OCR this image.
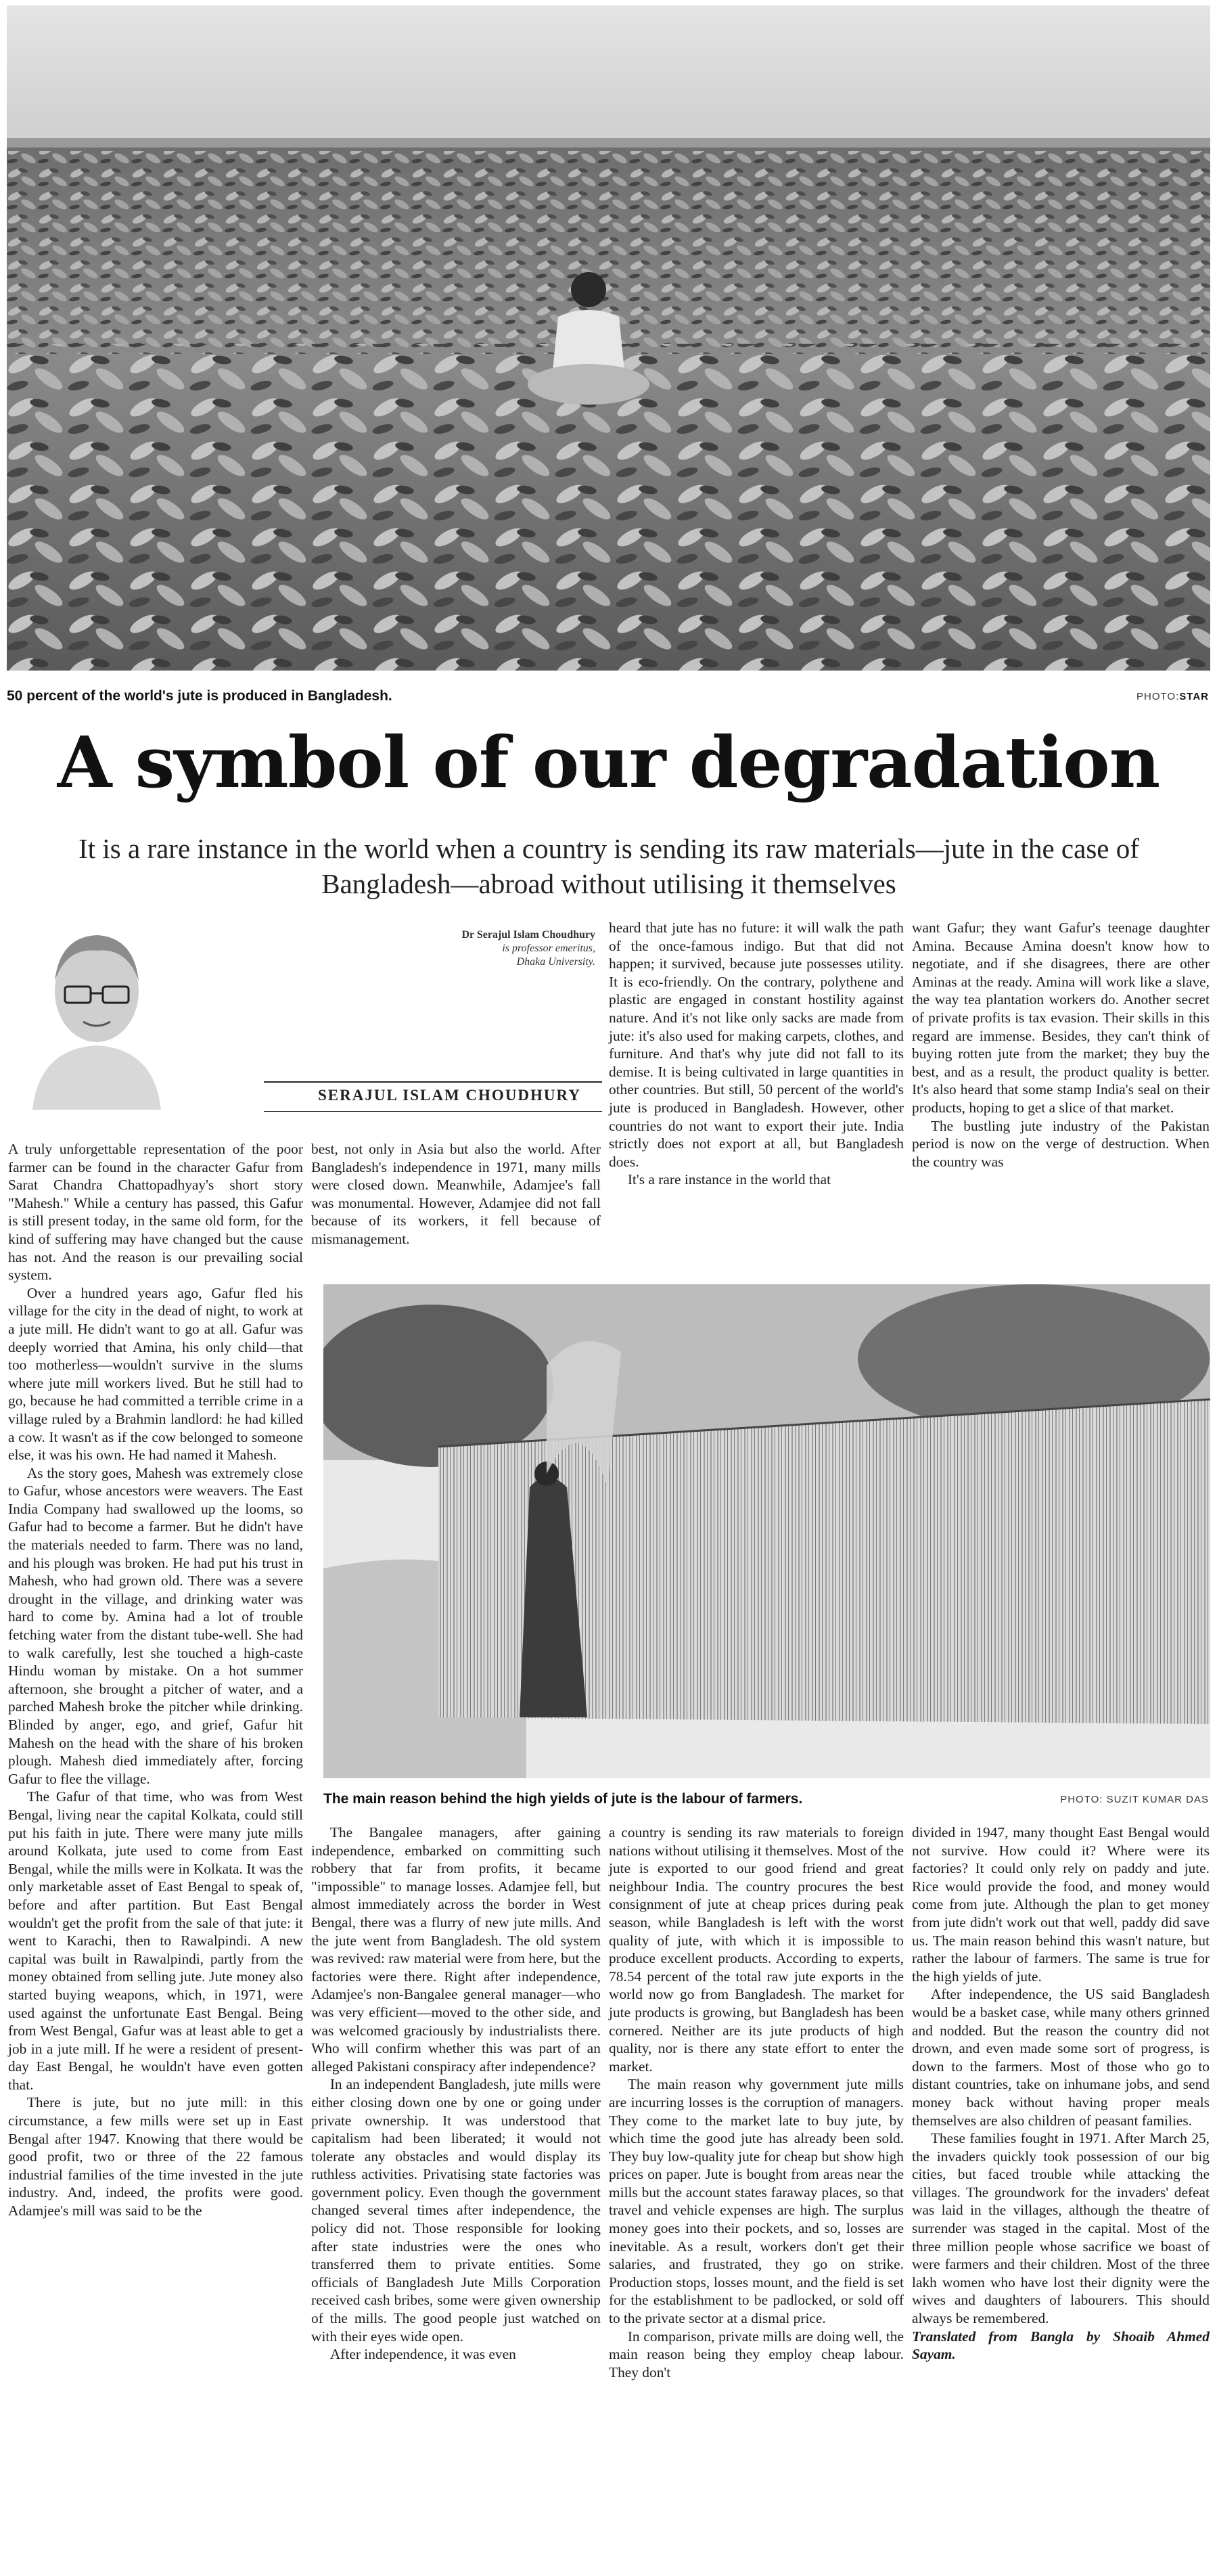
50 percent of the world's jute is produced in Bangladesh.	PHOTO:STAR
A symbol of our degradation

It is a rare instance in the world when a country is sending its raw materials—jute in the case of Bangladesh—abroad without utilising it themselves

Dr Serajul Islam Choudhury
is professor emeritus,
Dhaka University.
SERAJUL ISLAM CHOUDHURY

A truly unforgettable representation of the poor farmer can be found in the character Gafur from Sarat Chandra Chattopadhyay's short story "Mahesh." While a century has passed, this Gafur is still present today, in the same old form, for the kind of suffering may have changed but the cause has not. And the reason is our prevailing social system.

Over a hundred years ago, Gafur fled his village for the city in the dead of night, to work at a jute mill. He didn't want to go at all. Gafur was deeply worried that Amina, his only child—that too motherless—wouldn't survive in the slums where jute mill workers lived. But he still had to go, because he had committed a terrible crime in a village ruled by a Brahmin landlord: he had killed a cow. It wasn't as if the cow belonged to someone else, it was his own. He had named it Mahesh.

As the story goes, Mahesh was extremely close to Gafur, whose ancestors were weavers. The East India Company had swallowed up the looms, so Gafur had to become a farmer. But he didn't have the materials needed to farm. There was no land, and his plough was broken. He had put his trust in Mahesh, who had grown old. There was a severe drought in the village, and drinking water was hard to come by. Amina had a lot of trouble fetching water from the distant tube-well. She had to walk carefully, lest she touched a high-caste Hindu woman by mistake. On a hot summer afternoon, she brought a pitcher of water, and a parched Mahesh broke the pitcher while drinking. Blinded by anger, ego, and grief, Gafur hit Mahesh on the head with the share of his broken plough. Mahesh died immediately after, forcing Gafur to flee the village.

The Gafur of that time, who was from West Bengal, living near the capital Kolkata, could still put his faith in jute. There were many jute mills around Kolkata, jute used to come from East Bengal, while the mills were in Kolkata. It was the only marketable asset of East Bengal to speak of, before and after partition. But East Bengal wouldn't get the profit from the sale of that jute: it went to Karachi, then to Rawalpindi. A new capital was built in Rawalpindi, partly from the money obtained from selling jute. Jute money also started buying weapons, which, in 1971, were used against the unfortunate East Bengal. Being from West Bengal, Gafur was at least able to get a job in a jute mill. If he were a resident of present-day East Bengal, he wouldn't have even gotten that.

There is jute, but no jute mill: in this circumstance, a few mills were set up in East Bengal after 1947. Knowing that there would be good profit, two or three of the 22 famous industrial families of the time invested in the jute industry. And, indeed, the profits were good. Adamjee's mill was said to be the

best, not only in Asia but also the world. After Bangladesh's independence in 1971, many mills were closed down. Meanwhile, Adamjee's fall was monumental. However, Adamjee did not fall because of its workers, it fell because of mismanagement.

heard that jute has no future: it will walk the path of the once-famous indigo. But that did not happen; it survived, because jute possesses utility. It is eco-friendly. On the contrary, polythene and plastic are engaged in constant hostility against nature. And it's not like only sacks are made from jute: it's also used for making carpets, clothes, and furniture. And that's why jute did not fall to its demise. It is being cultivated in large quantities in other countries. But still, 50 percent of the world's jute is produced in Bangladesh. However, other countries do not want to export their jute. India strictly does not export at all, but Bangladesh does.

It's a rare instance in the world that

want Gafur; they want Gafur's teenage daughter Amina. Because Amina doesn't know how to negotiate, and if she disagrees, there are other Aminas at the ready. Amina will work like a slave, the way tea plantation workers do. Another secret of private profits is tax evasion. Their skills in this regard are immense. Besides, they can't think of buying rotten jute from the market; they buy the best, and as a result, the product quality is better. It's also heard that some stamp India's seal on their products, hoping to get a slice of that market.

The bustling jute industry of the Pakistan period is now on the verge of destruction. When the country was

The main reason behind the high yields of jute is the labour of farmers.	PHOTO: SUZIT KUMAR DAS

The Bangalee managers, after gaining independence, embarked on committing such robbery that far from profits, it became "impossible" to manage losses. Adamjee fell, but almost immediately across the border in West Bengal, there was a flurry of new jute mills. And the jute went from Bangladesh. The old system was revived: raw material were from here, but the factories were there. Right after independence, Adamjee's non-Bangalee general manager—who was very efficient—moved to the other side, and was welcomed graciously by industrialists there. Who will confirm whether this was part of an alleged Pakistani conspiracy after independence?

In an independent Bangladesh, jute mills were either closing down one by one or going under private ownership. It was understood that capitalism had been liberated; it would not tolerate any obstacles and would display its ruthless activities. Privatising state factories was government policy. Even though the government changed several times after independence, the policy did not. Those responsible for looking after state industries were the ones who transferred them to private entities. Some officials of Bangladesh Jute Mills Corporation received cash bribes, some were given ownership of the mills. The good people just watched on with their eyes wide open.

After independence, it was even

a country is sending its raw materials to foreign nations without utilising it themselves. Most of the jute is exported to our good friend and great neighbour India. The country procures the best consignment of jute at cheap prices during peak season, while Bangladesh is left with the worst quality of jute, with which it is impossible to produce excellent products. According to experts, 78.54 percent of the total raw jute exports in the world now go from Bangladesh. The market for jute products is growing, but Bangladesh has been cornered. Neither are its jute products of high quality, nor is there any state effort to enter the market.

The main reason why government jute mills are incurring losses is the corruption of managers. They come to the market late to buy jute, by which time the good jute has already been sold. They buy low-quality jute for cheap but show high prices on paper. Jute is bought from areas near the mills but the account states faraway places, so that travel and vehicle expenses are high. The surplus money goes into their pockets, and so, losses are inevitable. As a result, workers don't get their salaries, and frustrated, they go on strike. Production stops, losses mount, and the field is set for the establishment to be padlocked, or sold off to the private sector at a dismal price.

In comparison, private mills are doing well, the main reason being they employ cheap labour. They don't

divided in 1947, many thought East Bengal would not survive. How could it? Where were its factories? It could only rely on paddy and jute. Rice would provide the food, and money would come from jute. Although the plan to get money from jute didn't work out that well, paddy did save us. The main reason behind this wasn't nature, but rather the labour of farmers. The same is true for the high yields of jute.

After independence, the US said Bangladesh would be a basket case, while many others grinned and nodded. But the reason the country did not drown, and even made some sort of progress, is down to the farmers. Most of those who go to distant countries, take on inhumane jobs, and send money back without having proper meals themselves are also children of peasant families.

These families fought in 1971. After March 25, the invaders quickly took possession of our big cities, but faced trouble while attacking the villages. The groundwork for the invaders' defeat was laid in the villages, although the theatre of surrender was staged in the capital. Most of the three million people whose sacrifice we boast of were farmers and their children. Most of the three lakh women who have lost their dignity were the wives and daughters of labourers. This should always be remembered.

Translated from Bangla by Shoaib Ahmed Sayam.
